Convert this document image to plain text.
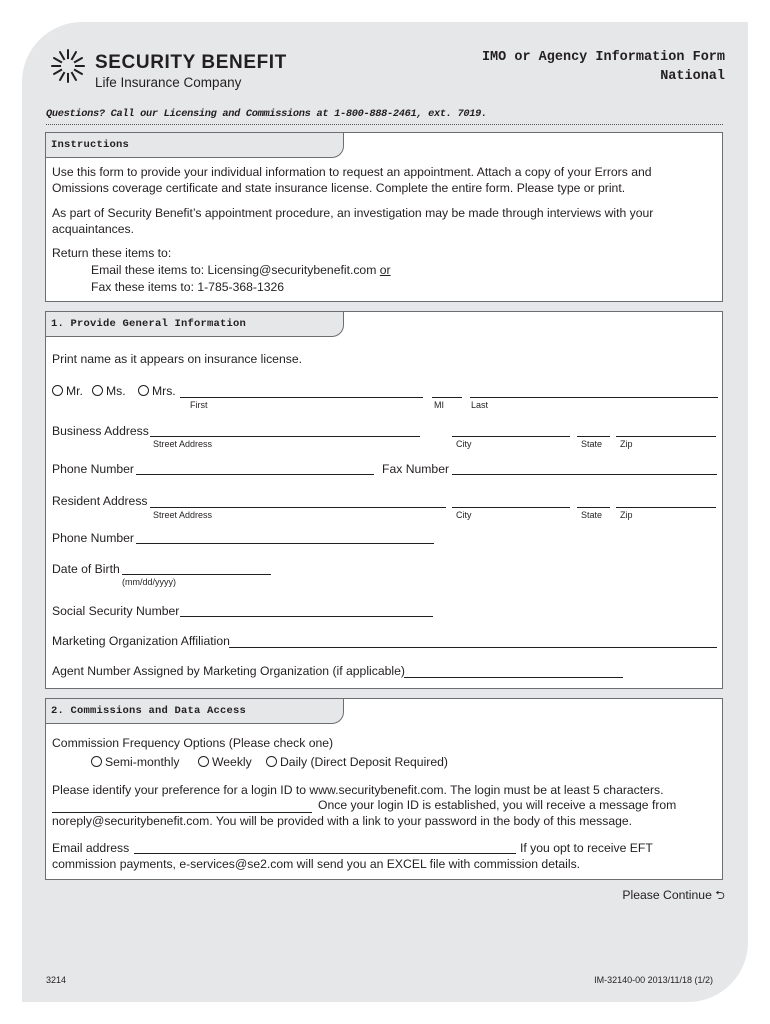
SECURITY BENEFIT
Life Insurance Company
IMO or Agency Information Form
National
Questions? Call our Licensing and Commissions at 1-800-888-2461, ext. 7019.
Instructions
Use this form to provide your individual information to request an appointment. Attach a copy of your Errors and
Omissions coverage certificate and state insurance license. Complete the entire form. Please type or print.
As part of Security Benefit’s appointment procedure, an investigation may be made through interviews with your
acquaintances.
Return these items to:
Email these items to: Licensing@securitybenefit.com or
Fax these items to: 1-785-368-1326
1. Provide General Information
Print name as it appears on insurance license.
Mr.	Ms.	Mrs.
First	MI	Last
Business Address
Street Address	City	State Zip
Phone Number	Fax Number
Resident Address
Street Address	City	State Zip
Phone Number
Date of Birth
(mm/dd/yyyy)
Social Security Number
Marketing Organization Affiliation
Agent Number Assigned by Marketing Organization (if applicable)
2. Commissions and Data Access
Commission Frequency Options (Please check one)
Semi-monthly	Weekly	Daily (Direct Deposit Required)
Please identify your preference for a login ID to www.securitybenefit.com. The login must be at least 5 characters.
Once your login ID is established, you will receive a message from
noreply@securitybenefit.com. You will be provided with a link to your password in the body of this message.
Email address	If you opt to receive EFT
commission payments, e-services@se2.com will send you an EXCEL file with commission details.
Please Continue ⮌
3214	IM-32140-00 2013/11/18 (1/2)
